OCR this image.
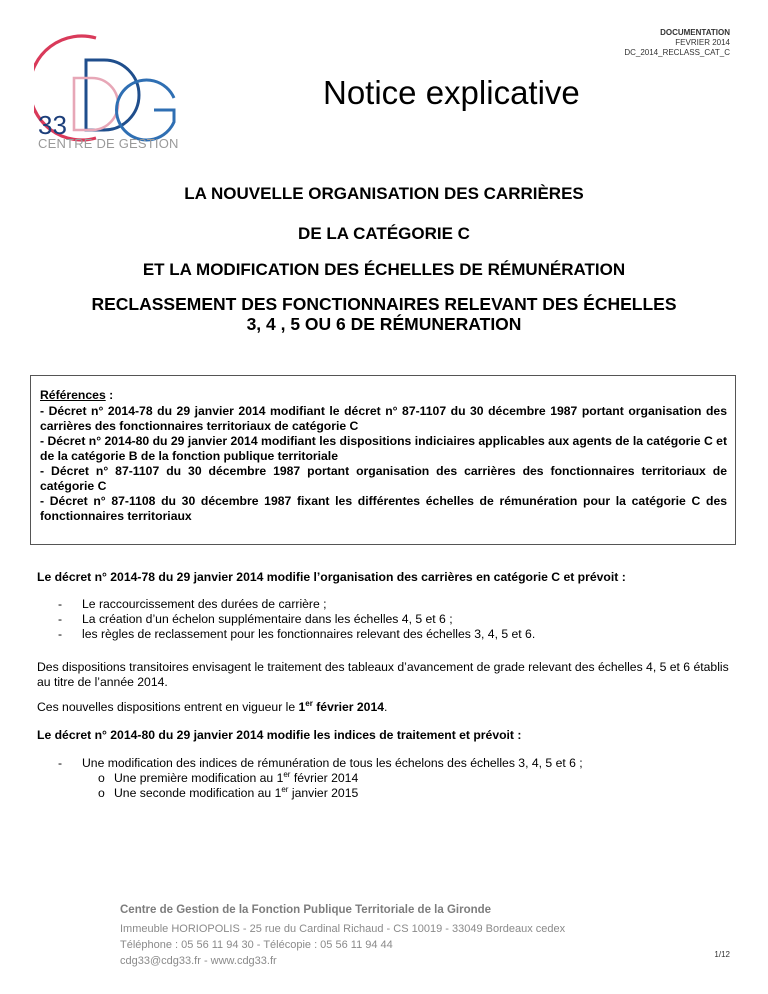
33
CENTRE DE GESTION
DOCUMENTATION
FEVRIER 2014
DC_2014_RECLASS_CAT_C
Notice explicative
LA NOUVELLE ORGANISATION DES CARRIÈRES
DE LA CATÉGORIE C
ET LA MODIFICATION DES ÉCHELLES DE RÉMUNÉRATION
RECLASSEMENT DES FONCTIONNAIRES RELEVANT DES ÉCHELLES
3, 4 , 5 OU 6 DE RÉMUNERATION
Références :
- Décret n° 2014-78 du 29 janvier 2014 modifiant le décret n° 87-1107 du 30 décembre 1987 portant organisation des carrières des fonctionnaires territoriaux de catégorie C
- Décret n° 2014-80 du 29 janvier 2014 modifiant les dispositions indiciaires applicables aux agents de la catégorie C et de la catégorie B de la fonction publique territoriale
- Décret n° 87-1107 du 30 décembre 1987 portant organisation des carrières des fonctionnaires territoriaux de catégorie C
- Décret n° 87-1108 du 30 décembre 1987 fixant les différentes échelles de rémunération pour la catégorie C des fonctionnaires territoriaux
Le décret n° 2014-78 du 29 janvier 2014 modifie l’organisation des carrières en catégorie C et prévoit :
- Le raccourcissement des durées de carrière ;
- La création d’un échelon supplémentaire dans les échelles 4, 5 et 6 ;
- les règles de reclassement pour les fonctionnaires relevant des échelles 3, 4, 5 et 6.
Des dispositions transitoires envisagent le traitement des tableaux d’avancement de grade relevant des échelles 4, 5 et 6 établis au titre de l’année 2014.
Ces nouvelles dispositions entrent en vigueur le 1er février 2014.
Le décret n° 2014-80 du 29 janvier 2014 modifie les indices de traitement et prévoit :
- Une modification des indices de rémunération de tous les échelons des échelles 3, 4, 5 et 6 ;
o Une première modification au 1er février 2014
o Une seconde modification au 1er janvier 2015
Centre de Gestion de la Fonction Publique Territoriale de la Gironde
Immeuble HORIOPOLIS - 25 rue du Cardinal Richaud - CS 10019 - 33049 Bordeaux cedex
Téléphone : 05 56 11 94 30 - Télécopie : 05 56 11 94 44
cdg33@cdg33.fr - www.cdg33.fr
1/12
